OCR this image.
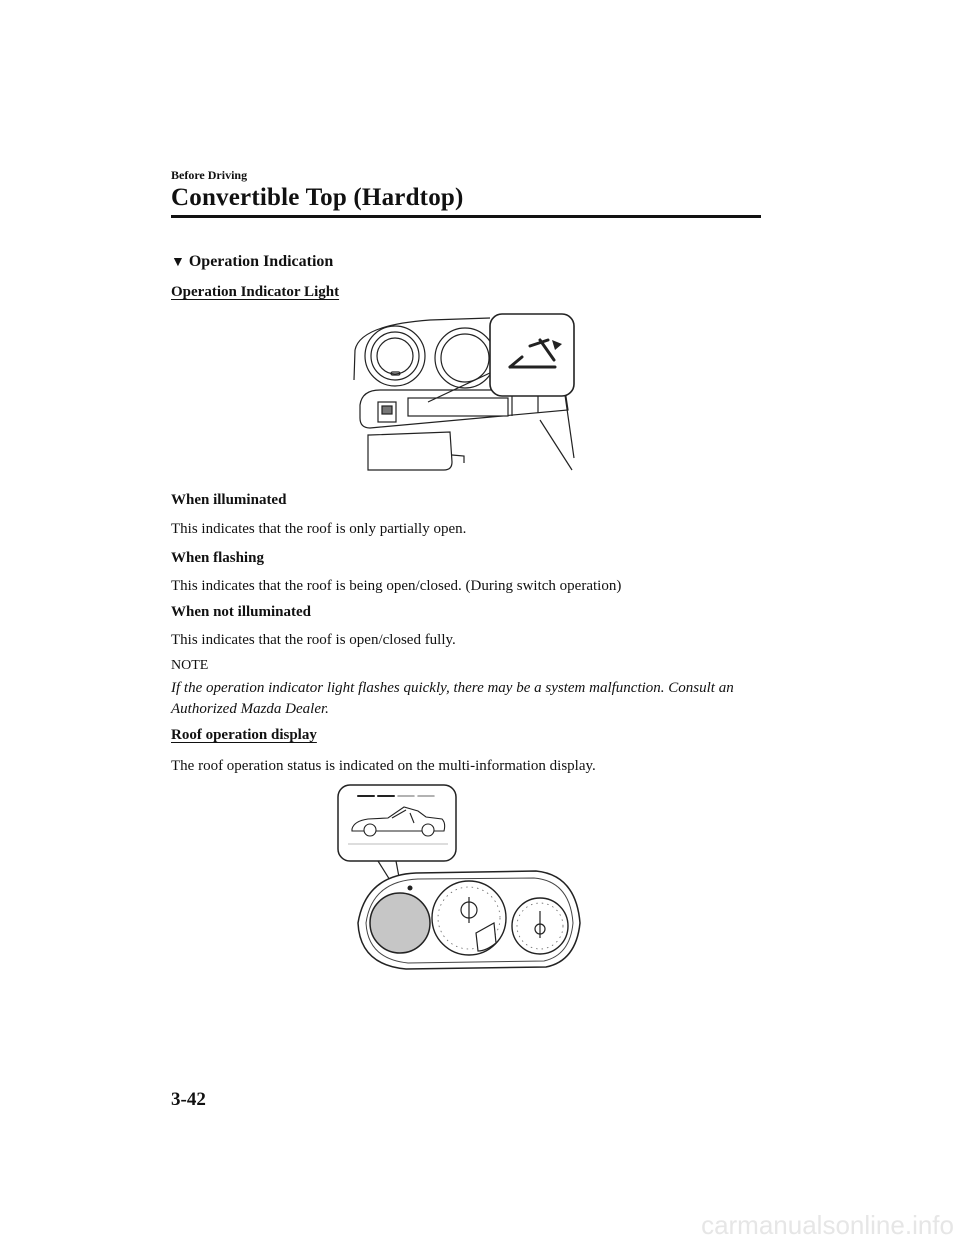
Before Driving
Convertible Top (Hardtop)
▼ Operation Indication
Operation Indicator Light
When illuminated
This indicates that the roof is only partially open.
When flashing
This indicates that the roof is being open/closed. (During switch operation)
When not illuminated
This indicates that the roof is open/closed fully.
NOTE
If the operation indicator light flashes quickly, there may be a system malfunction. Consult an Authorized Mazda Dealer.
Roof operation display
The roof operation status is indicated on the multi-information display.
3-42
carmanualsonline.info
